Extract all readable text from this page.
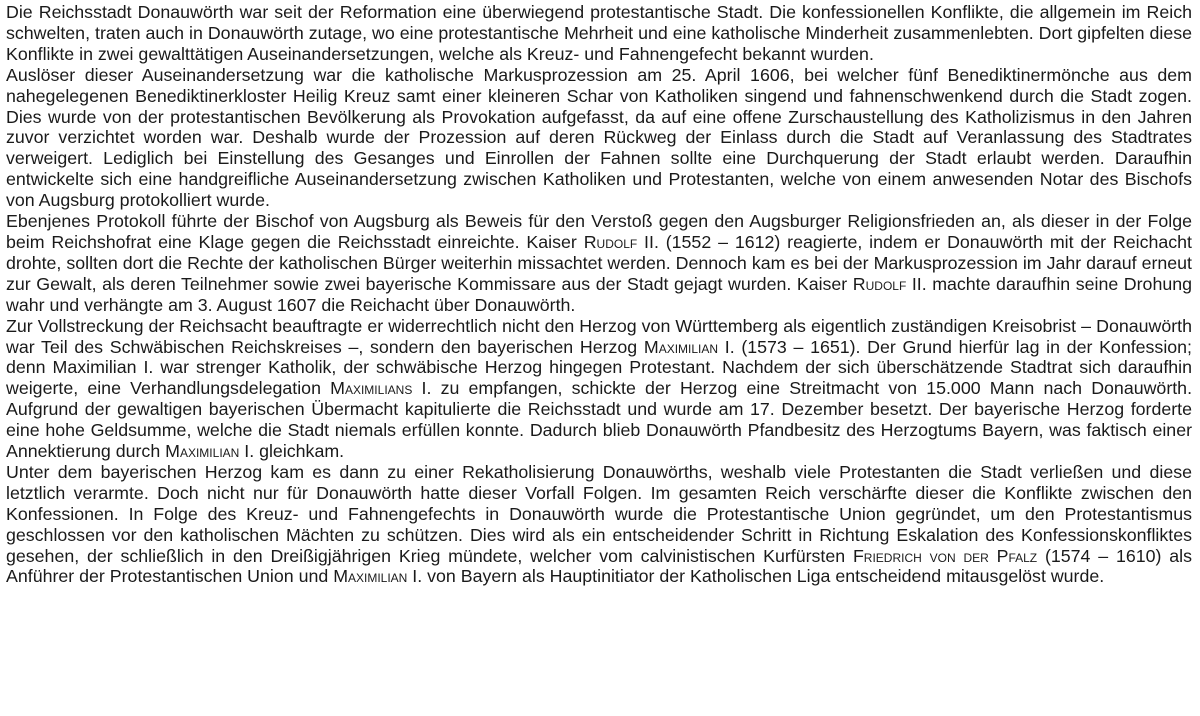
Die Reichsstadt Donauwörth war seit der Reformation eine überwiegend protestantische Stadt. Die konfessionellen Konflikte, die allgemein im Reich schwelten, traten auch in Donauwörth zutage, wo eine protestantische Mehrheit und eine katholische Minderheit zusammenlebten. Dort gipfelten diese Konflikte in zwei gewalttätigen Auseinandersetzungen, welche als Kreuz- und Fahnengefecht bekannt wurden.

Auslöser dieser Auseinandersetzung war die katholische Markusprozession am 25. April 1606, bei welcher fünf Benediktinermönche aus dem nahegelegenen Benediktinerkloster Heilig Kreuz samt einer kleineren Schar von Katholiken singend und fahnenschwenkend durch die Stadt zogen. Dies wurde von der protestantischen Bevölkerung als Provokation aufgefasst, da auf eine offene Zurschaustellung des Katholizismus in den Jahren zuvor verzichtet worden war. Deshalb wurde der Prozession auf deren Rückweg der Einlass durch die Stadt auf Veranlassung des Stadtrates verweigert. Lediglich bei Einstellung des Gesanges und Einrollen der Fahnen sollte eine Durchquerung der Stadt erlaubt werden. Daraufhin entwickelte sich eine handgreifliche Auseinandersetzung zwischen Katholiken und Protestanten, welche von einem anwesenden Notar des Bischofs von Augsburg protokolliert wurde.

Ebenjenes Protokoll führte der Bischof von Augsburg als Beweis für den Verstoß gegen den Augsburger Religionsfrieden an, als dieser in der Folge beim Reichshofrat eine Klage gegen die Reichsstadt einreichte. Kaiser Rudolf II. (1552 – 1612) reagierte, indem er Donauwörth mit der Reichacht drohte, sollten dort die Rechte der katholischen Bürger weiterhin missachtet werden. Dennoch kam es bei der Markusprozession im Jahr darauf erneut zur Gewalt, als deren Teilnehmer sowie zwei bayerische Kommissare aus der Stadt gejagt wurden. Kaiser Rudolf II. machte daraufhin seine Drohung wahr und verhängte am 3. August 1607 die Reichacht über Donauwörth.

Zur Vollstreckung der Reichsacht beauftragte er widerrechtlich nicht den Herzog von Württemberg als eigentlich zuständigen Kreisobrist – Donauwörth war Teil des Schwäbischen Reichskreises –, sondern den bayerischen Herzog Maximilian I. (1573 – 1651). Der Grund hierfür lag in der Konfession; denn Maximilian I. war strenger Katholik, der schwäbische Herzog hingegen Protestant. Nachdem der sich überschätzende Stadtrat sich daraufhin weigerte, eine Verhandlungsdelegation Maximilians I. zu empfangen, schickte der Herzog eine Streitmacht von 15.000 Mann nach Donauwörth. Aufgrund der gewaltigen bayerischen Übermacht kapitulierte die Reichsstadt und wurde am 17. Dezember besetzt. Der bayerische Herzog forderte eine hohe Geldsumme, welche die Stadt niemals erfüllen konnte. Dadurch blieb Donauwörth Pfandbesitz des Herzogtums Bayern, was faktisch einer Annektierung durch Maximilian I. gleichkam.

Unter dem bayerischen Herzog kam es dann zu einer Rekatholisierung Donauwörths, weshalb viele Protestanten die Stadt verließen und diese letztlich verarmte. Doch nicht nur für Donauwörth hatte dieser Vorfall Folgen. Im gesamten Reich verschärfte dieser die Konflikte zwischen den Konfessionen. In Folge des Kreuz- und Fahnengefechts in Donauwörth wurde die Protestantische Union gegründet, um den Protestantismus geschlossen vor den katholischen Mächten zu schützen. Dies wird als ein entscheidender Schritt in Richtung Eskalation des Konfessionskonfliktes gesehen, der schließlich in den Dreißigjährigen Krieg mündete, welcher vom calvinistischen Kurfürsten Friedrich von der Pfalz (1574 – 1610) als Anführer der Protestantischen Union und Maximilian I. von Bayern als Hauptinitiator der Katholischen Liga entscheidend mitausgelöst wurde.
